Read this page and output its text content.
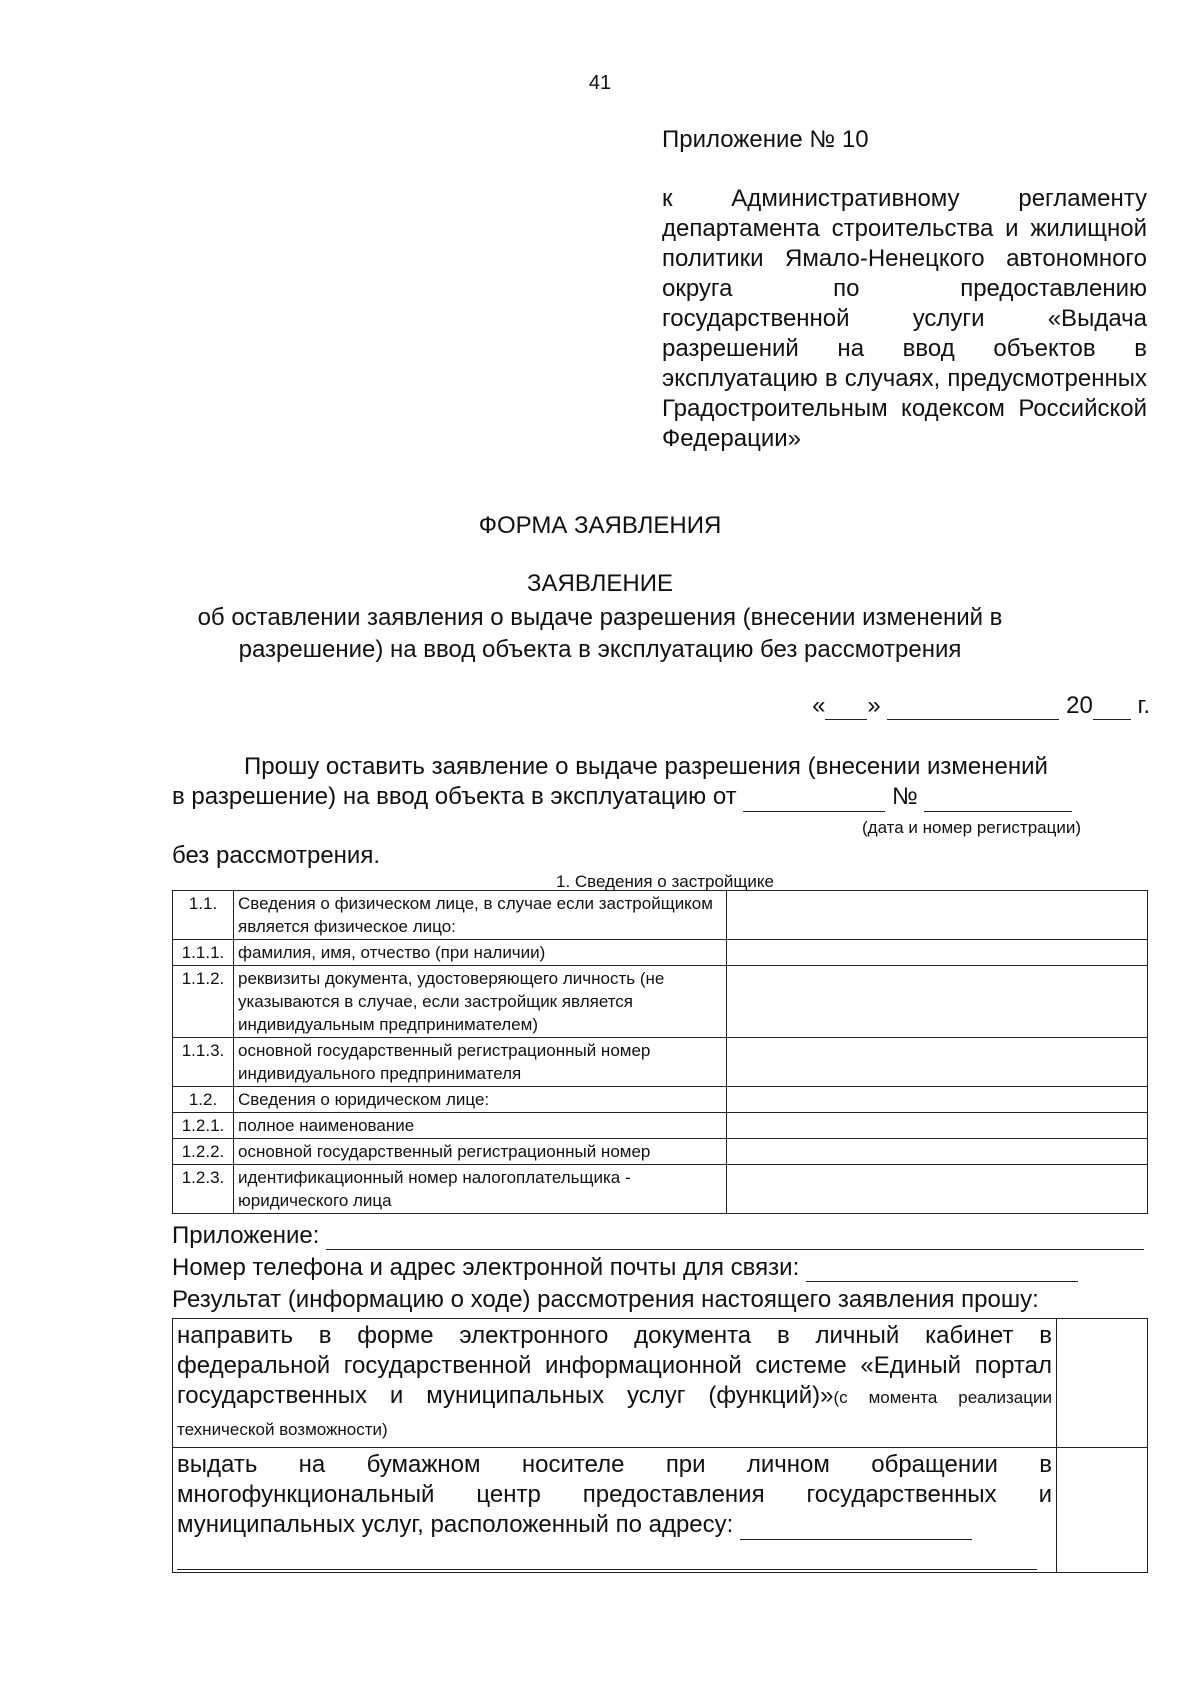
41
Приложение № 10

к Административному регламенту департамента строительства и жилищной политики Ямало-Ненецкого автономного округа по предоставлению государственной услуги «Выдача разрешений на ввод объектов в эксплуатацию в случаях, предусмотренных Градостроительным кодексом Российской Федерации»

ФОРМА ЗАЯВЛЕНИЯ
ЗАЯВЛЕНИЕ
об оставлении заявления о выдаче разрешения (внесении изменений в
разрешение) на ввод объекта в эксплуатацию без рассмотрения
« »	20 г.
Прошу оставить заявление о выдаче разрешения (внесении изменений
в разрешение) на ввод объекта в эксплуатацию от	№
(дата и номер регистрации)
без рассмотрения.
1. Сведения о застройщике
1.1.	Сведения о физическом лице, в случае если застройщиком является физическое лицо:	
1.1.1.	фамилия, имя, отчество (при наличии)	
1.1.2.	реквизиты документа, удостоверяющего личность (не указываются в случае, если застройщик является индивидуальным предпринимателем)	
1.1.3.	основной государственный регистрационный номер индивидуального предпринимателя	
1.2.	Сведения о юридическом лице:	
1.2.1.	полное наименование	
1.2.2.	основной государственный регистрационный номер	
1.2.3.	идентификационный номер налогоплательщика - юридического лица	
Приложение:
Номер телефона и адрес электронной почты для связи:
Результат (информацию о ходе) рассмотрения настоящего заявления прошу:
направить в форме электронного документа в личный кабинет в федеральной государственной информационной системе «Единый портал государственных и муниципальных услуг (функций)»(с момента реализации технической возможности)	
выдать на бумажном носителе при личном обращении в многофункциональный центр предоставления государственных и муниципальных услуг, расположенный по адресу:
